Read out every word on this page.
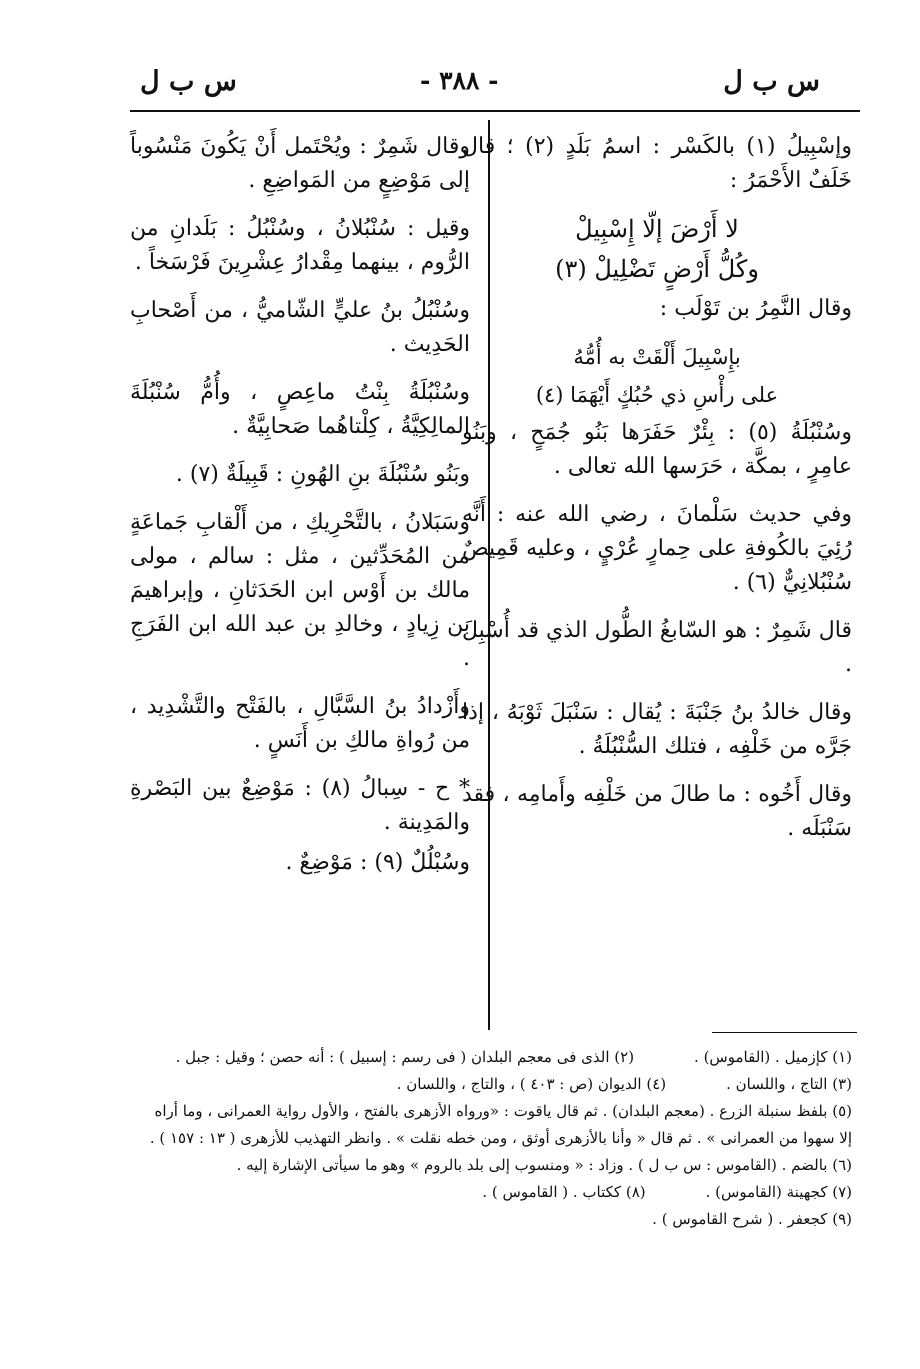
س ب ل
- ٣٨٨ -
س ب ل

وإسْبِيلُ (١) بالكَسْر : اسمُ بَلَدٍ (٢) ؛ قال خَلَفٌ الأَحْمَرُ :

لا أَرْضَ إلّا إِسْبِيلْ

وكُلُّ أَرْضٍ تَضْلِيلْ (٣)

وقال النَّمِرُ بن تَوْلَب :

بإِسْبِيلَ أَلْقَتْ به أُمُّهُ

على رأْسِ ذي حُبُكٍ أَيْهَمَا (٤)

وسُنْبُلَةُ (٥) : بِئْرٌ حَفَرَها بَنُو جُمَحٍ ، وبَنُو عامِرٍ ، بمكَّة ، حَرَسها الله تعالى .

وفي حديث سَلْمانَ ، رضي الله عنه : أَنَّه رُئِيَ بالكُوفةِ على حِمارٍ عُرْيٍ ، وعليه قَمِيصٌ سُنْبُلانِيٌّ (٦) .

قال شَمِرٌ : هو السّابغُ الطُّول الذي قد أُسْبِلَ .

وقال خالدُ بنُ جَنْبَةَ : يُقال : سَنْبَلَ ثَوْبَهُ ، إذا جَرَّه من خَلْفِه ، فتلك السُّنْبُلَةُ .

وقال أَخُوه : ما طالَ من خَلْفِه وأَمامِه ، فقد سَنْبَلَه .

وقال شَمِرٌ : ويُحْتَمل أَنْ يَكُونَ مَنْسُوباً إلى مَوْضِعٍ من المَواضِعِ .

وقيل : سُنْبُلانُ ، وسُنْبُلُ : بَلَدانِ من الرُّوم ، بينهما مِقْدارُ عِشْرِينَ فَرْسَخاً .

وسُنْبُلُ بنُ عليٍّ الشّاميُّ ، من أَصْحابِ الحَدِيث .

وسُنْبُلَةُ بِنْتُ ماعِصٍ ، وأُمُّ سُنْبُلَةَ المالِكِيَّةُ ، كِلْتاهُما صَحابِيَّةٌ .

وبَنُو سُنْبُلَةَ بنِ الهُونِ : قَبِيلَةٌ (٧) .

وسَبَلانُ ، بالتَّحْرِيكِ ، من أَلْقابِ جَماعَةٍ من المُحَدِّثين ، مثل : سالم ، مولى مالك بن أَوْس ابن الحَدَثانِ ، وإبراهيمَ بن زِيادٍ ، وخالدِ بن عبد الله ابن الفَرَجِ .

وأَزْدادُ بنُ السَّبَّالِ ، بالفَتْح والتَّشْدِيد ، من رُواةِ مالكِ بن أَنَسٍ .

* ح - سِبالُ (٨) : مَوْضِعٌ بين البَصْرةِ والمَدِينة .

وسُبْلُلٌ (٩) : مَوْضِعٌ .

(١) كإزميل . (القاموس) .
(٢) الذى فى معجم البلدان ( فى رسم : إسبيل ) : أنه حصن ؛ وقيل : جبل .
(٣) التاج ، واللسان .
(٤) الديوان (ص : ٤٠٣ ) ، والتاج ، واللسان .

(٥) بلفظ سنبلة الزرع . (معجم البلدان) . ثم قال ياقوت : «ورواه الأزهرى بالفتح ، والأول رواية العمرانى ، وما أراه

إلا سهوا من العمرانى » . ثم قال « وأنا بالأزهرى أوثق ، ومن خطه نقلت » . وانظر التهذيب للأزهرى ( ١٣ : ١٥٧ ) .

(٦) بالضم . (القاموس : س ب ل ) . وزاد : « ومنسوب إلى بلد بالروم » وهو ما سيأتى الإشارة إليه .

(٧) كجهينة (القاموس) .
(٨) ككتاب . ( القاموس ) .

(٩) كجعفر . ( شرح القاموس ) .
